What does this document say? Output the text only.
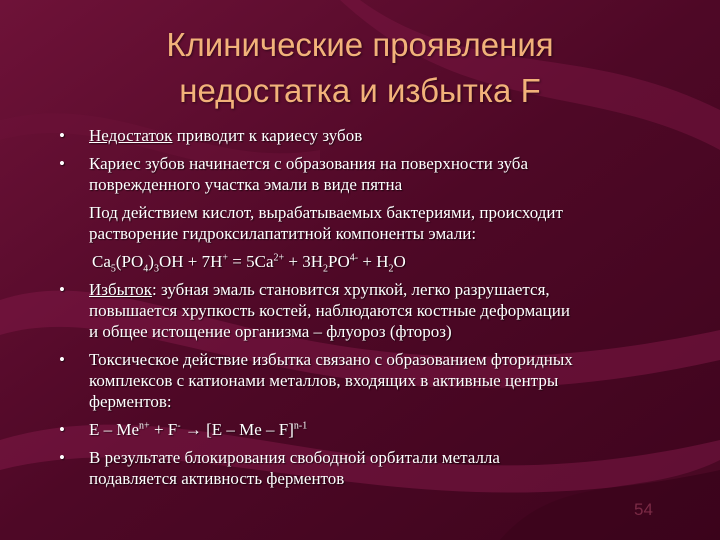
Клинические проявления
недостатка и избытка F
• Недостаток приводит к кариесу зубов
• Кариес зубов начинается с образования на поверхности зуба
поврежденного участка эмали в виде пятна
Под действием кислот, вырабатываемых бактериями, происходит
растворение гидроксилапатитной компоненты эмали:
$Ca_5(PO_4)_3OH + 7H^+ = 5Ca^{2+} + 3H_2PO^{4-} + H_2O$
• Избыток: зубная эмаль становится хрупкой, легко разрушается,
повышается хрупкость костей, наблюдаются костные деформации
и общее истощение организма – флуороз (фтороз)
• Токсическое действие избытка связано с образованием фторидных
комплексов с катионами металлов, входящих в активные центры
ферментов:
• $E - Me^{n+} + F^- \to [E - Me - F]^{n-1}$
• В результате блокирования свободной орбитали металла
подавляется активность ферментов
54
